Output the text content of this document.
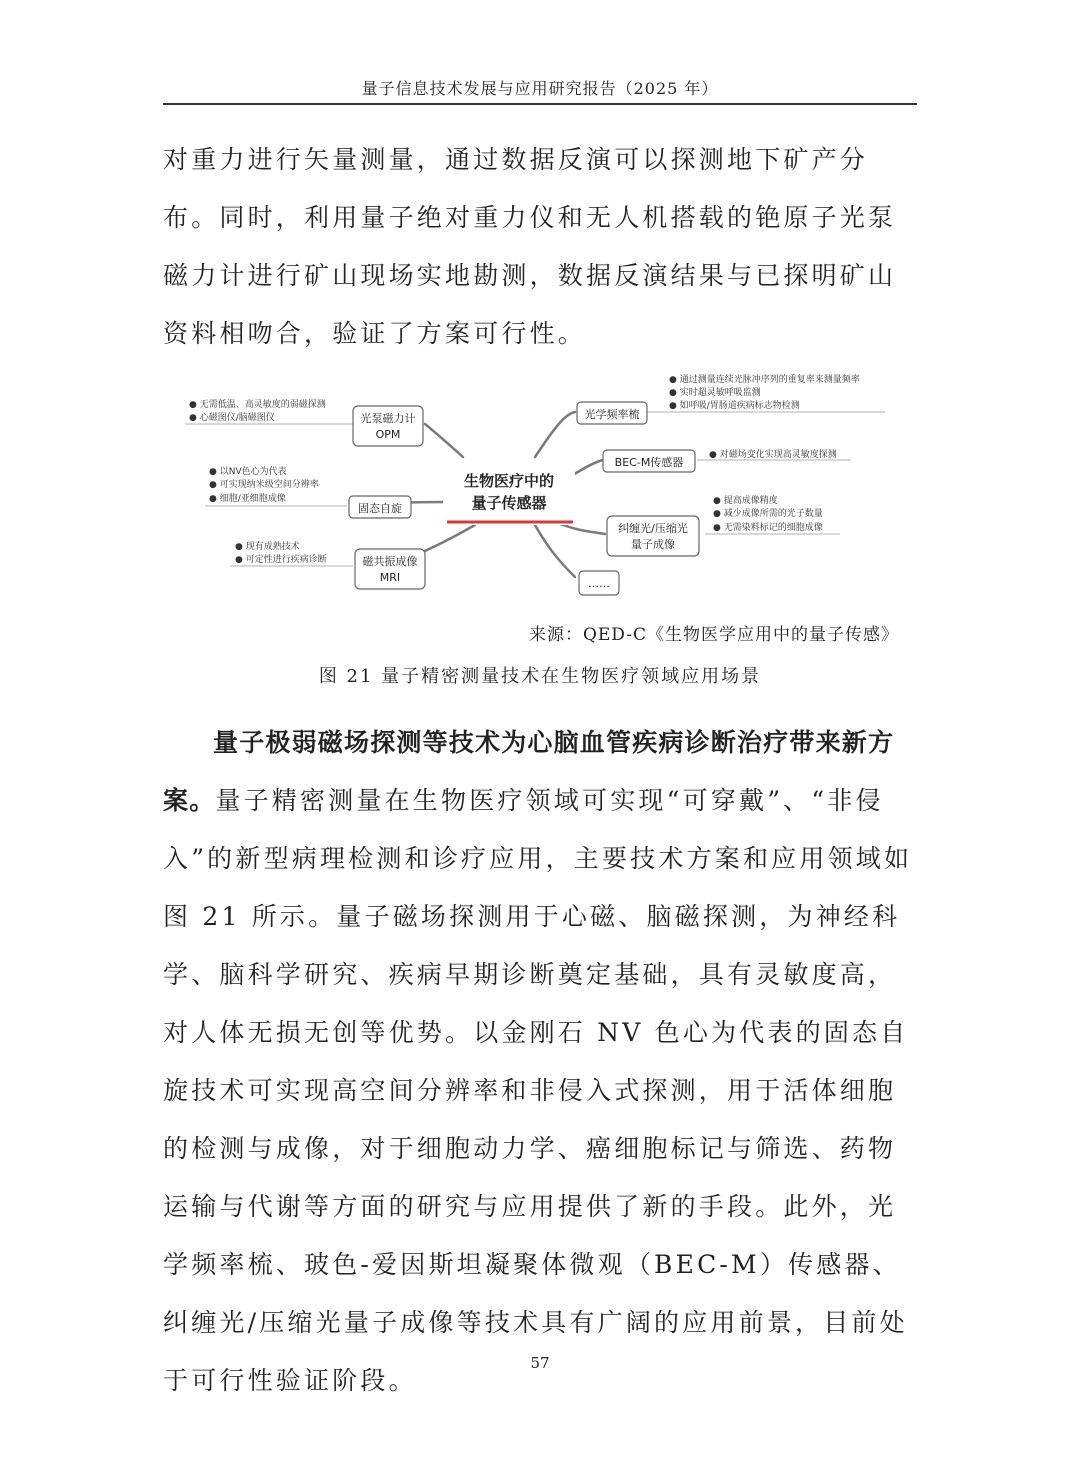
量子信息技术发展与应用研究报告（2025 年）

对重力进行矢量测量，通过数据反演可以探测地下矿产分布。同时，利用量子绝对重力仪和无人机搭载的铯原子光泵磁力计进行矿山现场实地勘测，数据反演结果与已探明矿山资料相吻合，验证了方案可行性。

生物医疗中的
量子传感器
光泵磁力计
OPM
● 无需低温、高灵敏度的弱磁探测
● 心磁图仪/脑磁图仪
固态自旋
● 以NV色心为代表
● 可实现纳米级空间分辨率
● 细胞/亚细胞成像
磁共振成像
MRI
● 现有成熟技术
● 可定性进行疾病诊断
光学频率梳
● 通过测量连续光脉冲序列的重复率来测量频率
● 实时超灵敏呼吸监测
● 如呼吸/胃肠道疾病标志物检测
BEC-M传感器
● 对磁场变化实现高灵敏度探测
纠缠光/压缩光
量子成像
● 提高成像精度
● 减少成像所需的光子数量
● 无需染料标记的细胞成像
……
来源：QED-C《生物医学应用中的量子传感》
图 21 量子精密测量技术在生物医疗领域应用场景

量子极弱磁场探测等技术为心脑血管疾病诊断治疗带来新方案。量子精密测量在生物医疗领域可实现“可穿戴”、“非侵入”的新型病理检测和诊疗应用，主要技术方案和应用领域如图 21 所示。量子磁场探测用于心磁、脑磁探测，为神经科学、脑科学研究、疾病早期诊断奠定基础，具有灵敏度高，对人体无损无创等优势。以金刚石 NV 色心为代表的固态自旋技术可实现高空间分辨率和非侵入式探测，用于活体细胞的检测与成像，对于细胞动力学、癌细胞标记与筛选、药物运输与代谢等方面的研究与应用提供了新的手段。此外，光学频率梳、玻色-爱因斯坦凝聚体微观（BEC-M）传感器、纠缠光/压缩光量子成像等技术具有广阔的应用前景，目前处于可行性验证阶段。

57
